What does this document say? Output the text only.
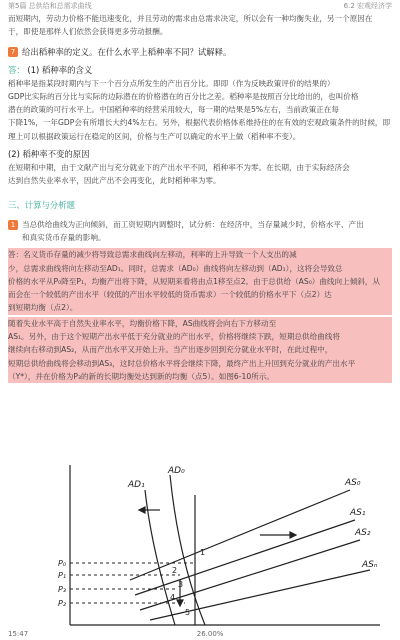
第5篇 总供给和总需求曲线	6.2 宏观经济学

而短期内，劳动力价格不能迅速变化，并且劳动的需求由总需求决定，所以会有一种均衡失业，另一个原因在

于，即使是那样人们依然会获得更多劳动报酬。

7 给出稻种率的定义。在什么水平上稻种率不同？试解释。
答： (1) 稻种率的含义

稻种率是指某段时期内与下一个百分点所发生的产出百分比。即即（作为反映政策评价的结果的）

GDP比实际的百分比与实际的边际潜在的价格潜在的百分比之差。稻种率是按照百分比给出的，也叫价格

潜在的政策的可行水平上。中国稻种率的经营采用较大，每一期的结果是5%左右，当前政策正在每

下降1%，一年GDP会有所增长大约4%左右。另外，根据代表价格体系维持住的在有效的宏观政策条件的时候，即

理上可以根据政策运行在稳定的区间，价格与生产可以确定的水平上做（稻种率不变）。

(2) 稻种率不变的原因

在短期和中期，由于文献产出与充分就业下的产出水平不同，稻种率不为零。在长期，由于实际经济会

达到自然失业率水平，因此产出不会再变化，此时稻种率为零。

三、计算与分析题
1 当总供给曲线为正向倾斜，而工资短期内调整时，试分析：在经济中，当存量减少时，价格水平、产出
和真实货币存量的影响。

答：名义货币存量的减少将导致总需求曲线向左移动，利率的上升导致一个人支出的减

少，总需求曲线将向左移动至AD₁。同时，总需求（AD₀）曲线将向左移动到（AD₁），这将会导致总

价格的水平从P₀降至P₁，均衡产出将下降，从短期来看将由点1移至点2。由于总供给（AS₀）曲线向上倾斜，从

而会在一个较低的产出水平（较低的产出水平较低的货币需求）一个较低的价格水平下（点2）达

到短期均衡（点2）。

随着失业水平高于自然失业率水平，均衡价格下降，AS曲线将会向右下方移动至

AS₁。另外，由于这个短期产出水平低于充分就业的产出水平，价格将继续下跌，短期总供给曲线将

继续向右移动到AS₂，从而产出水平又开始上升。当产出逐步回到充分就业水平时，在此过程中，

短期总供给曲线将会移动到AS₃，这时总价格水平将会继续下降，最终产出上升回到充分就业的产出水平

（Y*），并在价格为P₃的新的长期均衡处达到新的均衡（点5）。如图6-10所示。

AD₁
AD₀
AS₀
AS₁
AS₂
ASₙ
P₀
P₁
P₃
P₂
1
2
3
4
5
15:47	26.00%
